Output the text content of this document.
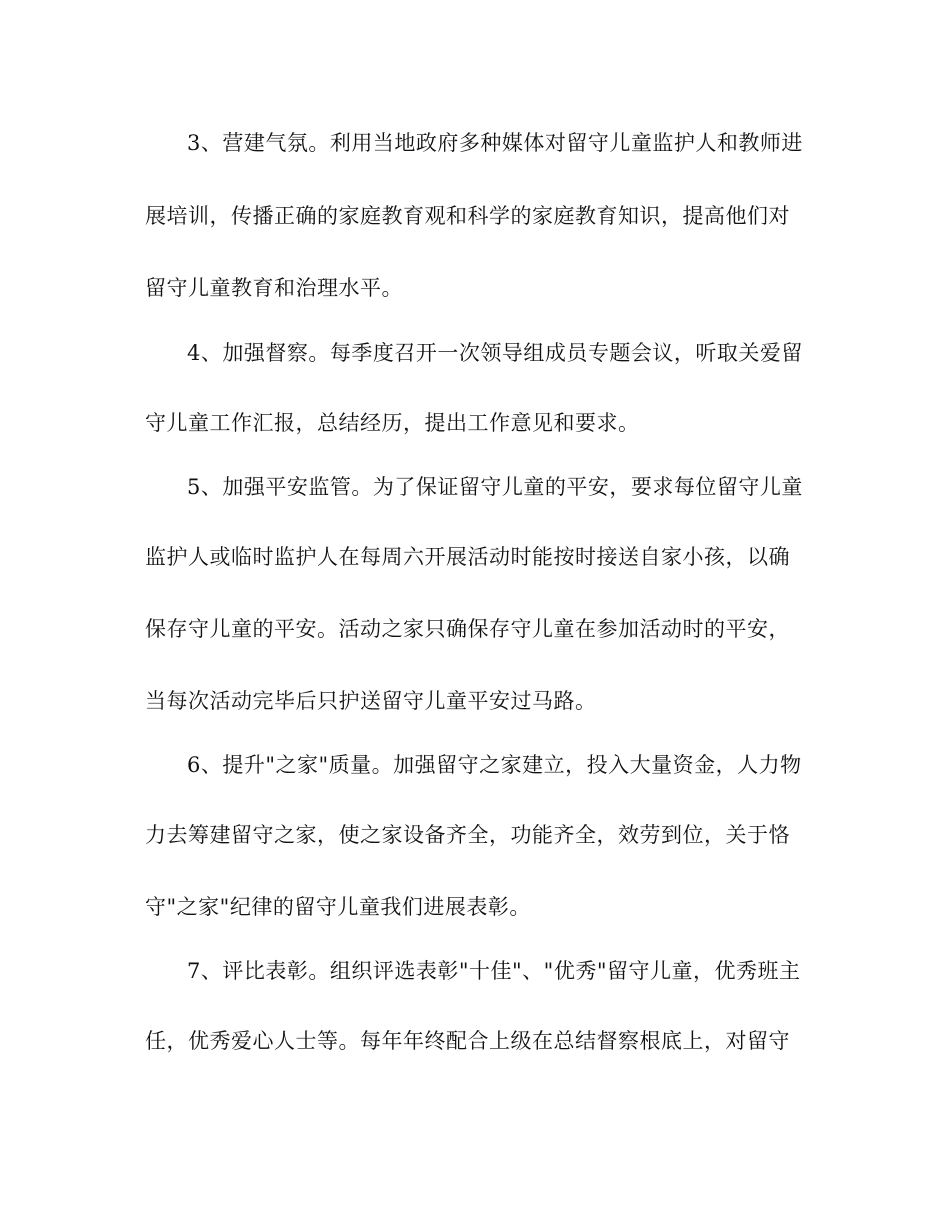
3、营建气氛。利用当地政府多种媒体对留守儿童监护人和教师进
展培训，传播正确的家庭教育观和科学的家庭教育知识，提高他们对
留守儿童教育和治理水平。
4、加强督察。每季度召开一次领导组成员专题会议，听取关爱留
守儿童工作汇报，总结经历，提出工作意见和要求。
5、加强平安监管。为了保证留守儿童的平安，要求每位留守儿童
监护人或临时监护人在每周六开展活动时能按时接送自家小孩，以确
保存守儿童的平安。活动之家只确保存守儿童在参加活动时的平安，
当每次活动完毕后只护送留守儿童平安过马路。
6、提升"之家"质量。加强留守之家建立，投入大量资金，人力物
力去筹建留守之家，使之家设备齐全，功能齐全，效劳到位，关于恪
守"之家"纪律的留守儿童我们进展表彰。
7、评比表彰。组织评选表彰"十佳"、"优秀"留守儿童，优秀班主
任，优秀爱心人士等。每年年终配合上级在总结督察根底上，对留守
